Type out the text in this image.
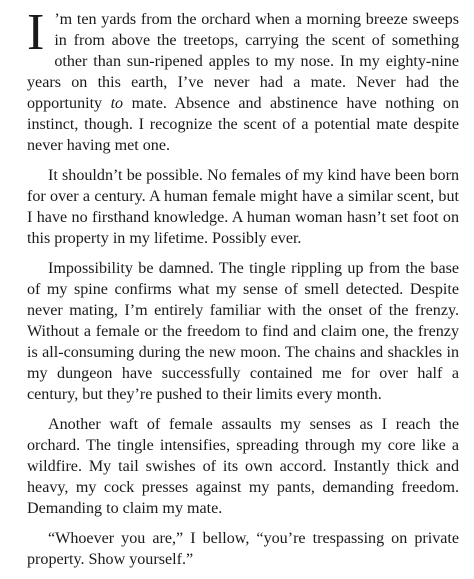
I ’m ten yards from the orchard when a morning breeze sweeps in from above the treetops, carrying the scent of something other than sun-ripened apples to my nose. In my eighty-nine years on this earth, I’ve never had a mate. Never had the opportunity to mate. Absence and abstinence have nothing on instinct, though. I recognize the scent of a potential mate despite never having met one.

It shouldn’t be possible. No females of my kind have been born for over a century. A human female might have a similar scent, but I have no firsthand knowledge. A human woman hasn’t set foot on this property in my lifetime. Possibly ever.

Impossibility be damned. The tingle rippling up from the base of my spine confirms what my sense of smell detected. Despite never mating, I’m entirely familiar with the onset of the frenzy. Without a female or the freedom to find and claim one, the frenzy is all-consuming during the new moon. The chains and shackles in my dungeon have successfully contained me for over half a century, but they’re pushed to their limits every month.

Another waft of female assaults my senses as I reach the orchard. The tingle intensifies, spreading through my core like a wildfire. My tail swishes of its own accord. Instantly thick and heavy, my cock presses against my pants, demanding freedom. Demanding to claim my mate.

“Whoever you are,” I bellow, “you’re trespassing on private property. Show yourself.”
